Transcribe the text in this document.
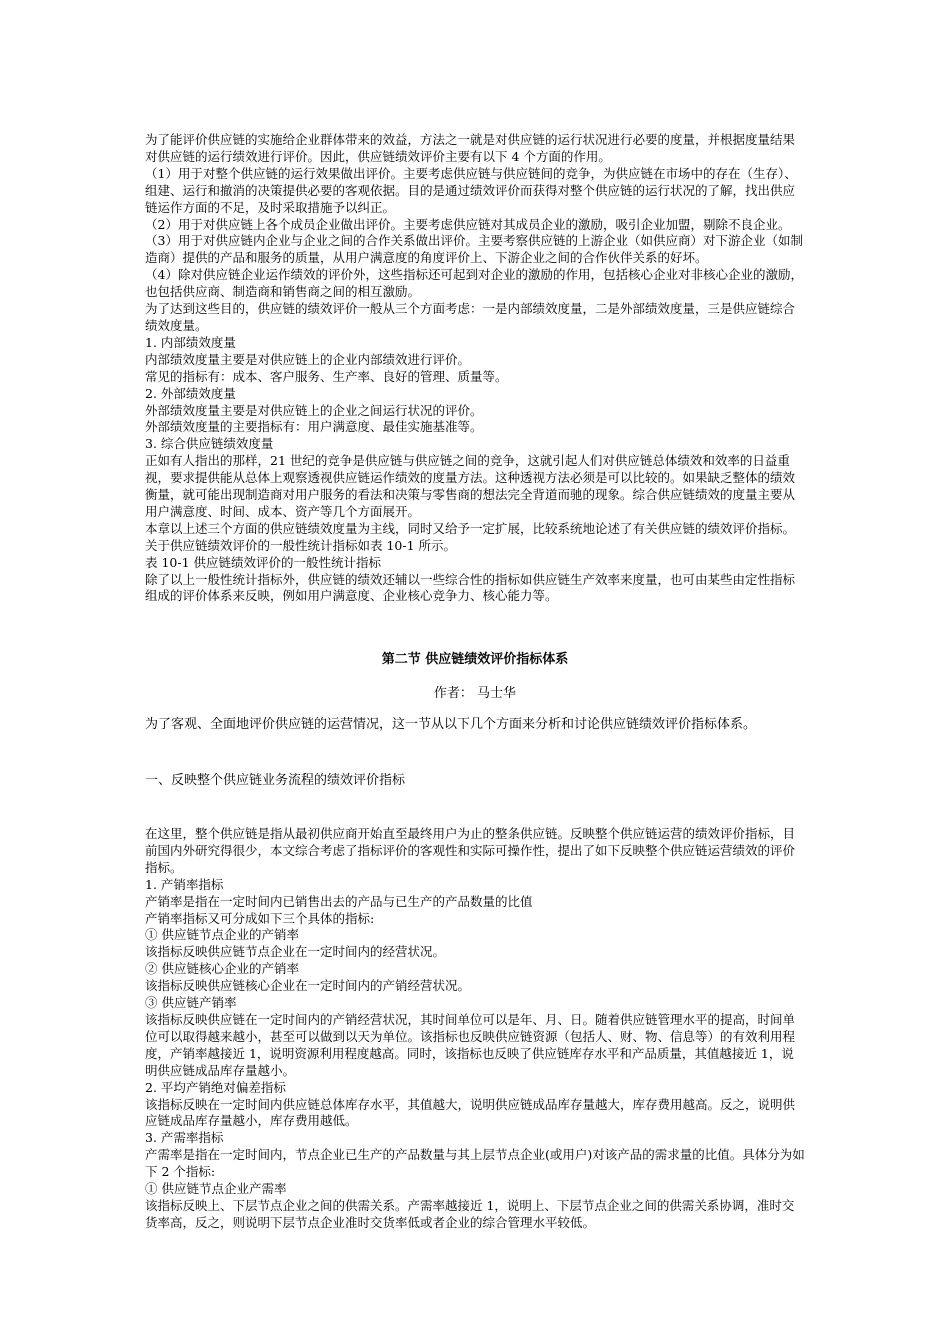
为了能评价供应链的实施给企业群体带来的效益，方法之一就是对供应链的运行状况进行必要的度量，并根据度量结果对供应链的运行绩效进行评价。因此，供应链绩效评价主要有以下 4 个方面的作用。

（1）用于对整个供应链的运行效果做出评价。主要考虑供应链与供应链间的竞争，为供应链在市场中的存在（生存）、组建、运行和撤消的决策提供必要的客观依据。目的是通过绩效评价而获得对整个供应链的运行状况的了解，找出供应链运作方面的不足，及时采取措施予以纠正。

（2）用于对供应链上各个成员企业做出评价。主要考虑供应链对其成员企业的激励，吸引企业加盟，剔除不良企业。

（3）用于对供应链内企业与企业之间的合作关系做出评价。主要考察供应链的上游企业（如供应商）对下游企业（如制造商）提供的产品和服务的质量，从用户满意度的角度评价上、下游企业之间的合作伙伴关系的好坏。

（4）除对供应链企业运作绩效的评价外，这些指标还可起到对企业的激励的作用，包括核心企业对非核心企业的激励，也包括供应商、制造商和销售商之间的相互激励。

为了达到这些目的，供应链的绩效评价一般从三个方面考虑：一是内部绩效度量，二是外部绩效度量，三是供应链综合绩效度量。

1. 内部绩效度量

内部绩效度量主要是对供应链上的企业内部绩效进行评价。

常见的指标有：成本、客户服务、生产率、良好的管理、质量等。

2. 外部绩效度量

外部绩效度量主要是对供应链上的企业之间运行状况的评价。

外部绩效度量的主要指标有：用户满意度、最佳实施基准等。

3. 综合供应链绩效度量

正如有人指出的那样，21 世纪的竞争是供应链与供应链之间的竞争，这就引起人们对供应链总体绩效和效率的日益重视，要求提供能从总体上观察透视供应链运作绩效的度量方法。这种透视方法必须是可以比较的。如果缺乏整体的绩效衡量，就可能出现制造商对用户服务的看法和决策与零售商的想法完全背道而驰的现象。综合供应链绩效的度量主要从用户满意度、时间、成本、资产等几个方面展开。

本章以上述三个方面的供应链绩效度量为主线，同时又给予一定扩展，比较系统地论述了有关供应链的绩效评价指标。关于供应链绩效评价的一般性统计指标如表 10-1 所示。

表 10-1 供应链绩效评价的一般性统计指标

除了以上一般性统计指标外，供应链的绩效还辅以一些综合性的指标如供应链生产效率来度量，也可由某些由定性指标组成的评价体系来反映，例如用户满意度、企业核心竞争力、核心能力等。

第二节 供应链绩效评价指标体系
作者： 马士华
为了客观、全面地评价供应链的运营情况，这一节从以下几个方面来分析和讨论供应链绩效评价指标体系。
一、反映整个供应链业务流程的绩效评价指标

在这里，整个供应链是指从最初供应商开始直至最终用户为止的整条供应链。反映整个供应链运营的绩效评价指标，目前国内外研究得很少，本文综合考虑了指标评价的客观性和实际可操作性，提出了如下反映整个供应链运营绩效的评价指标。

1. 产销率指标

产销率是指在一定时间内已销售出去的产品与已生产的产品数量的比值

产销率指标又可分成如下三个具体的指标:

① 供应链节点企业的产销率

该指标反映供应链节点企业在一定时间内的经营状况。

② 供应链核心企业的产销率

该指标反映供应链核心企业在一定时间内的产销经营状况。

③ 供应链产销率

该指标反映供应链在一定时间内的产销经营状况，其时间单位可以是年、月、日。随着供应链管理水平的提高，时间单位可以取得越来越小，甚至可以做到以天为单位。该指标也反映供应链资源（包括人、财、物、信息等）的有效利用程度，产销率越接近 1，说明资源利用程度越高。同时，该指标也反映了供应链库存水平和产品质量，其值越接近 1，说明供应链成品库存量越小。

2. 平均产销绝对偏差指标

该指标反映在一定时间内供应链总体库存水平，其值越大，说明供应链成品库存量越大，库存费用越高。反之，说明供应链成品库存量越小，库存费用越低。

3. 产需率指标

产需率是指在一定时间内，节点企业已生产的产品数量与其上层节点企业(或用户)对该产品的需求量的比值。具体分为如下 2 个指标:

① 供应链节点企业产需率

该指标反映上、下层节点企业之间的供需关系。产需率越接近 1，说明上、下层节点企业之间的供需关系协调，准时交货率高，反之，则说明下层节点企业准时交货率低或者企业的综合管理水平较低。
